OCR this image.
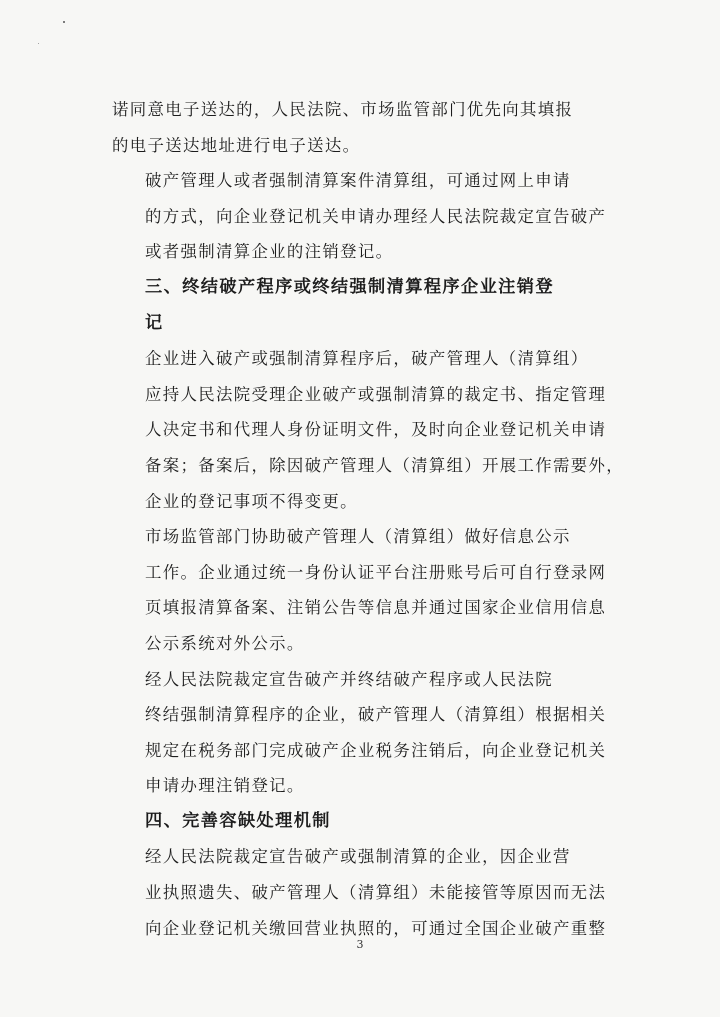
诺同意电子送达的，人民法院、市场监管部门优先向其填报
的电子送达地址进行电子送达。
破产管理人或者强制清算案件清算组，可通过网上申请
的方式，向企业登记机关申请办理经人民法院裁定宣告破产
或者强制清算企业的注销登记。
三、终结破产程序或终结强制清算程序企业注销登
记
企业进入破产或强制清算程序后，破产管理人（清算组）
应持人民法院受理企业破产或强制清算的裁定书、指定管理
人决定书和代理人身份证明文件，及时向企业登记机关申请
备案；备案后，除因破产管理人（清算组）开展工作需要外，
企业的登记事项不得变更。
市场监管部门协助破产管理人（清算组）做好信息公示
工作。企业通过统一身份认证平台注册账号后可自行登录网
页填报清算备案、注销公告等信息并通过国家企业信用信息
公示系统对外公示。
经人民法院裁定宣告破产并终结破产程序或人民法院
终结强制清算程序的企业，破产管理人（清算组）根据相关
规定在税务部门完成破产企业税务注销后，向企业登记机关
申请办理注销登记。
四、完善容缺处理机制
经人民法院裁定宣告破产或强制清算的企业，因企业营
业执照遗失、破产管理人（清算组）未能接管等原因而无法
向企业登记机关缴回营业执照的，可通过全国企业破产重整
3
